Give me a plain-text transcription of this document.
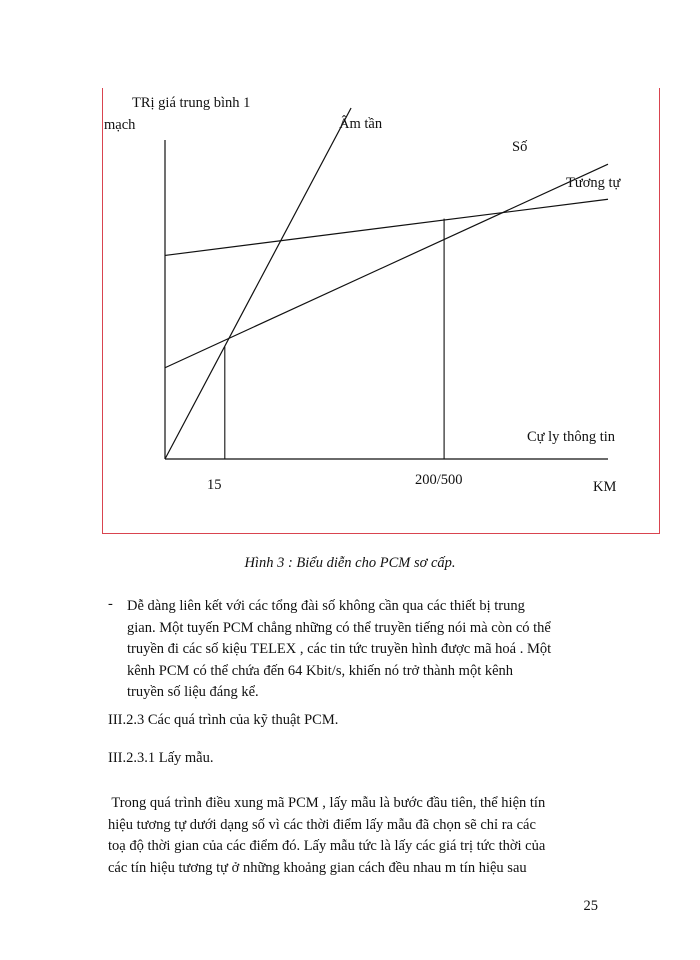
TRị giá trung bình 1
mạch	Âm tần
Số
Tương tự
Cự ly thông tin
15	200/500	KM
Hình 3 : Biểu diễn cho PCM sơ cấp.
- Dễ dàng liên kết với các tổng đài số không cần qua các thiết bị trung
gian. Một tuyến PCM chẳng những có thể truyền tiếng nói mà còn có thể
truyền đi các số kiệu TELEX , các tin tức truyền hình được mã hoá . Một
kênh PCM có thể chứa đến 64 Kbit/s, khiến nó trở thành một kênh
truyền số liệu đáng kể.
III.2.3 Các quá trình của kỹ thuật PCM.
III.2.3.1 Lấy mẫu.
Trong quá trình điều xung mã PCM , lấy mẫu là bước đầu tiên, thể hiện tín
hiệu tương tự dưới dạng số vì các thời điểm lấy mẫu đã chọn sẽ chỉ ra các
toạ độ thời gian của các điểm đó. Lấy mẫu tức là lấy các giá trị tức thời của
các tín hiệu tương tự ở những khoảng gian cách đều nhau m tín hiệu sau
25
